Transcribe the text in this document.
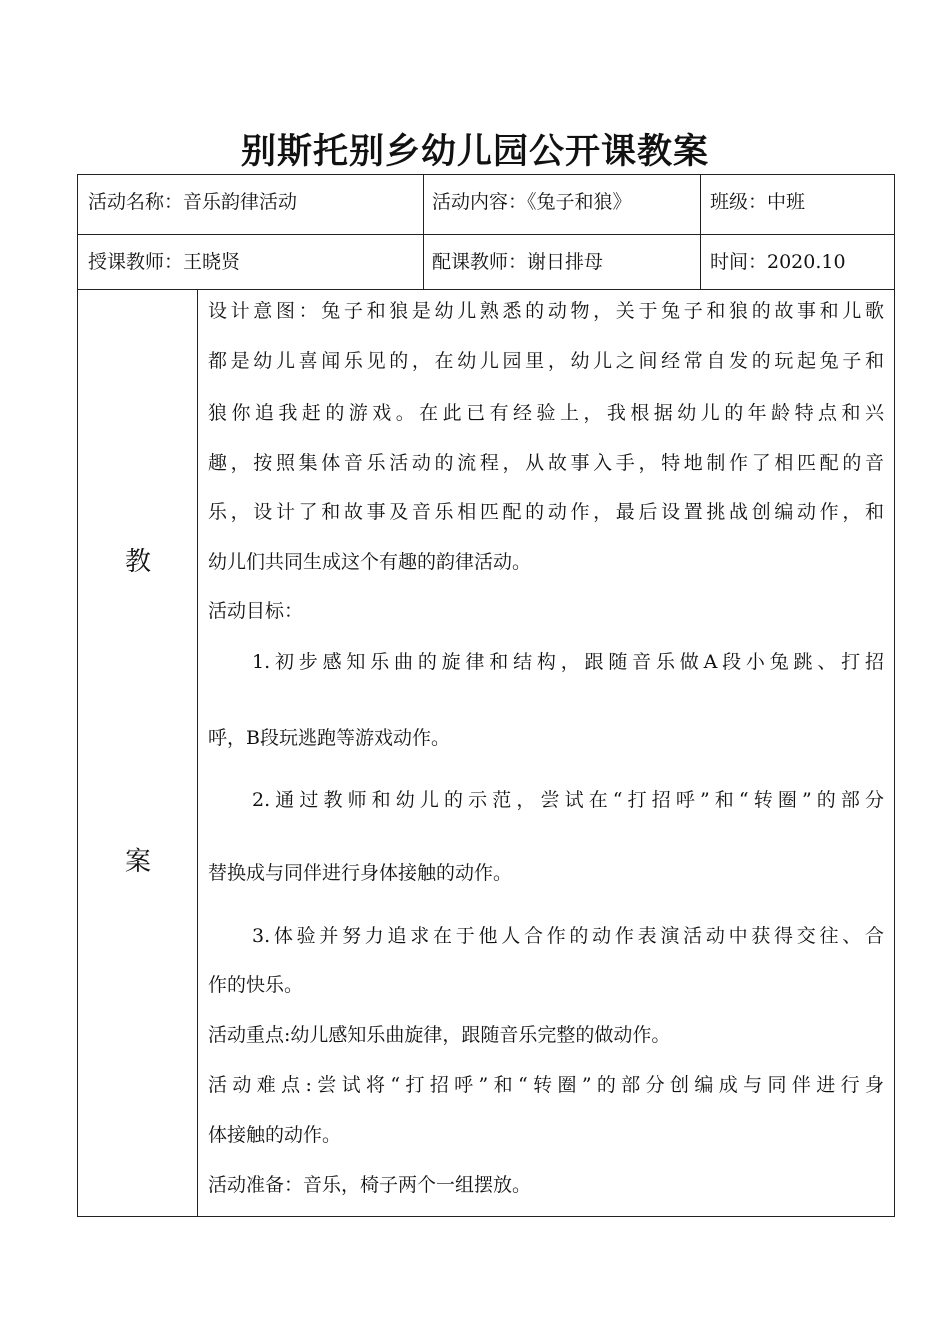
别斯托别乡幼儿园公开课教案
活动名称：音乐韵律活动	活动内容：《兔子和狼》	班级：中班
授课教师：王晓贤	配课教师：谢日排母	时间：2020.10
教
案
设计意图：兔子和狼是幼儿熟悉的动物，关于兔子和狼的故事和儿歌
都是幼儿喜闻乐见的，在幼儿园里，幼儿之间经常自发的玩起兔子和
狼你追我赶的游戏。在此已有经验上，我根据幼儿的年龄特点和兴
趣，按照集体音乐活动的流程，从故事入手，特地制作了相匹配的音
乐，设计了和故事及音乐相匹配的动作，最后设置挑战创编动作，和
幼儿们共同生成这个有趣的韵律活动。
活动目标：
1.初步感知乐曲的旋律和结构，跟随音乐做A段小兔跳、打招
呼，B段玩逃跑等游戏动作。
2.通过教师和幼儿的示范，尝试在“打招呼”和“转圈”的部分
替换成与同伴进行身体接触的动作。
3.体验并努力追求在于他人合作的动作表演活动中获得交往、合
作的快乐。
活动重点:幼儿感知乐曲旋律，跟随音乐完整的做动作。
活动难点:尝试将“打招呼”和“转圈”的部分创编成与同伴进行身
体接触的动作。
活动准备：音乐，椅子两个一组摆放。
